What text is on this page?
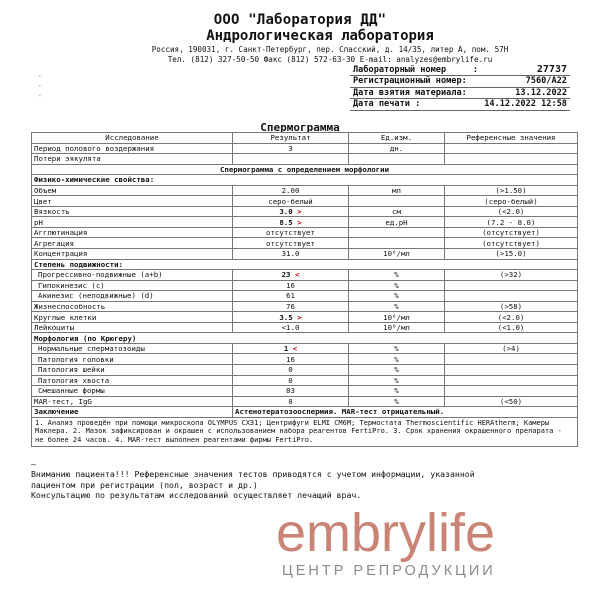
ООО "Лаборатория ДД"
Андрологическая лаборатория
Россия, 190031, г. Санкт-Петербург, пер. Спасский, д. 14/35, литер А, пом. 57Н
Тел. (812) 327-50-50 Факс (812) 572-63-30 E-mail: analyzes@embrylife.ru
•
•
•
Лабораторный номер	:	27737
Регистрационный номер:		7560/А22
Дата взятия материала:		13.12.2022
Дата печати :		14.12.2022 12:58
Спермограмма
Исследование	Результат	Ед.изм.	Референсные значения
Период полового воздержания	3	дн.	
Потери эякулята			
Спермограмма с определением морфологии			
Физико-химические свойства:			
Объем	2.00	мл	(>1.50)
Цвет	серо-белый		(серо-белый)
Вязкость	3.0 >	см	(<2.0)
pH	8.5 >	ед.pH	(7.2 - 8.0)
Агглютинация	отсутствует		(отсутствует)
Агрегация	отсутствует		(отсутствует)
Концентрация	31.0	10⁶/мл	(>15.0)
Степень подвижности:			
Прогрессивно-подвижные (a+b)	23 <	%	(>32)
Гипокинезис (c)	16	%	
Акинезис (неподвижные) (d)	61	%	
Жизнеспособность	76	%	(>58)
Круглые клетки	3.5 >	10⁶/мл	(<2.0)
Лейкоциты	<1.0	10⁶/мл	(<1.0)
Морфология (по Крюгеру)			
Нормальные сперматозоиды	1 <	%	(>4)
Патология головки	16	%	
Патология шейки	0	%	
Патология хвоста	0	%	
Смешанные формы	83	%	
MAR-тест, IgG	8	%	(<50)
Заключение	Астенотератозооспермия. MAR-тест отрицательный.		
1. Анализ проведён при помощи микроскопа OLYMPUS CX31; Центрифуги ELMI CM6M; Термостата Thermoscientific HERAtherm; Камеры Маклера. 2. Мазок зафиксирован и окрашен с использованием набора реагентов FertiPro. 3. Срок хранения окрашенного препарата - не более 24 часов. 4. MAR-тест выполнен реагентами фирмы FertiPro.			
—
Вниманию пациента!!! Референсные значения тестов приводятся с учетом информации, указанной
пациентом при регистрации (пол, возраст и др.)
Консультацию по результатам исследований осуществляет лечащий врач.
embrylife
ЦЕНТР РЕПРОДУКЦИИ
